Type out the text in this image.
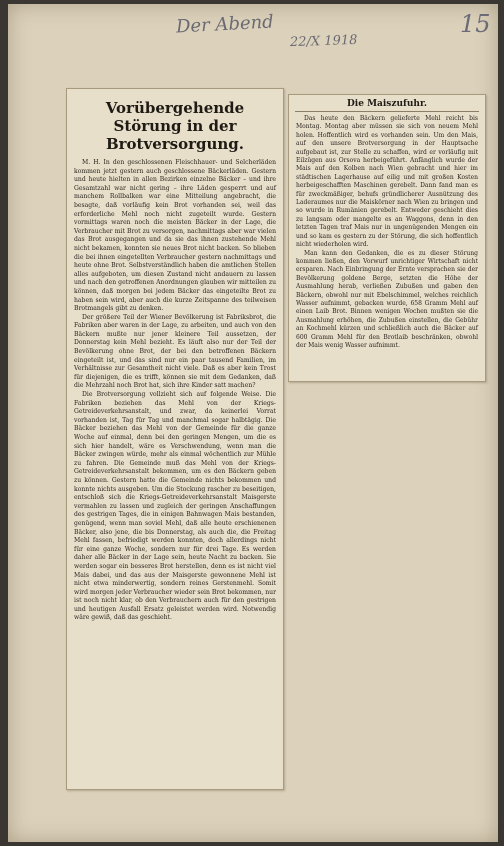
Der Abend
22/X 1918
15
Vorübergehende Störung in der Brotversorgung.

M. H. In den geschlossenen Fleischhauer- und Selcherläden kommen jetzt gestern auch geschlossene Bäckerläden. Gestern und heute hielten in allen Bezirken einzelne Bäcker – und ihre Gesamtzahl war nicht gering – ihre Läden gesperrt und auf manchem Rollbalken war eine Mitteilung angebracht, die besagte, daß vorläufig kein Brot vorhanden sei, weil das erforderliche Mehl noch nicht zugeteilt wurde. Gestern vormittags waren noch die meisten Bäcker in der Lage, die Verbraucher mit Brot zu versorgen, nachmittags aber war vielen das Brot ausgegangen und da sie das ihnen zustehende Mehl nicht bekamen, konnten sie neues Brot nicht backen. So blieben die bei ihnen eingetellten Verbraucher gestern nachmittags und heute ohne Brot. Selbstverständlich haben die amtlichen Stellen alles aufgeboten, um diesen Zustand nicht andauern zu lassen und nach den getroffenen Anordnungen glauben wir mitteilen zu können, daß morgen bei jedem Bäcker das eingeteilte Brot zu haben sein wird, aber auch die kurze Zeitspanne des teilweisen Brotmangels gibt zu denken.

Der größere Teil der Wiener Bevölkerung ist Fabriksbrot, die Fabriken aber waren in der Lage, zu arbeiten, und auch von den Bäckern mußte nur jener kleinere Teil aussetzen, der Donnerstag kein Mehl bezieht. Es läuft also nur der Teil der Bevölkerung ohne Brot, der bei den betroffenen Bäckern eingeteilt ist, und das sind nur ein paar tausend Familien, im Verhältnisse zur Gesamtheit nicht viele. Daß es aber kein Trost für diejenigen, die es trifft, können sie mit dem Gedanken, daß die Mehrzahl noch Brot hat, sich ihre Kinder satt machen?

Die Brotversorgung vollzieht sich auf folgende Weise. Die Fabriken beziehen das Mehl von der Kriegs-Getreideverkehrsanstalt, und zwar, da keinerlei Vorrat vorhanden ist, Tag für Tag und manchmal sogar halbtägig. Die Bäcker beziehen das Mehl von der Gemeinde für die ganze Woche auf einmal, denn bei den geringen Mengen, um die es sich hier handelt, wäre es Verschwendung, wenn man die Bäcker zwingen würde, mehr als einmal wöchentlich zur Mühle zu fahren. Die Gemeinde muß das Mehl von der Kriegs-Getreideverkehrsanstalt bekommen, um es den Bäckern geben zu können. Gestern hatte die Gemeinde nichts bekommen und konnte nichts ausgeben. Um die Stockung rascher zu beseitigen, entschloß sich die Kriegs-Getreideverkehrsanstalt Maisgerste vermahlen zu lassen und zugleich der geringen Anschaffungen des gestrigen Tages, die in einigen Bahnwagen Mais bestanden, genügend, wenn man soviel Mehl, daß alle heute erschienenen Bäcker, also jene, die bis Donnerstag, als auch die, die Freitag Mehl fassen, befriedigt werden konnten, doch allerdings nicht für eine ganze Woche, sondern nur für drei Tage. Es werden daher alle Bäcker in der Lage sein, heute Nacht zu backen. Sie werden sogar ein besseres Brot herstellen, denn es ist nicht viel Mais dabei, und das aus der Maisgerste gewonnene Mehl ist nicht etwa minderwertig, sondern reines Gerstenmehl. Somit wird morgen jeder Verbraucher wieder sein Brot bekommen, nur ist noch nicht klar, ob den Verbrauchern auch für den gestrigen und heutigen Ausfall Ersatz geleistet werden wird. Notwendig wäre gewiß, daß das geschieht.

Die Maiszufuhr.

Das heute den Bäckern gelieferte Mehl reicht bis Montag. Montag aber müssen sie sich von neuem Mehl holen. Hoffentlich wird es vorhanden sein. Um den Mais, auf den unsere Brotversorgung in der Hauptsache aufgebaut ist, zur Stelle zu schaffen, wird er vorläufig mit Eilzügen aus Orsova herbeigeführt. Anfänglich wurde der Mais auf den Kolben nach Wien gebracht und hier im städtischen Lagerhause auf eilig und mit großen Kosten herbeigeschafften Maschinen gerebelt. Dann fand man es für zweckmäßiger, behufs gründlicherer Ausnützung des Laderaumes nur die Maiskörner nach Wien zu bringen und so wurde in Rumänien gerebelt. Entweder geschieht dies zu langsam oder mangelte es an Waggons, denn in den letzten Tagen traf Mais nur in ungenügenden Mengen ein und so kam es gestern zu der Störung, die sich hoffentlich nicht wiederholen wird.

Man kann den Gedanken, die es zu dieser Störung kommen ließen, den Vorwurf unrichtiger Wirtschaft nicht ersparen. Nach Einbringung der Ernte versprachen sie der Bevölkerung goldene Berge, setzten die Höhe der Ausmahlung herab, verließen Zubußen und gaben den Bäckern, obwohl nur mit Ebelschimmel, welches reichlich Wasser aufnimmt, gebacken wurde, 658 Gramm Mehl auf einen Laib Brot. Binnen wenigen Wochen mußten sie die Ausmahlung erhöhen, die Zubußen einstellen, die Gebühr an Kochmehl kürzen und schließlich auch die Bäcker auf 600 Gramm Mehl für den Brotlaib beschränken, obwohl der Mais wenig Wasser aufnimmt.
